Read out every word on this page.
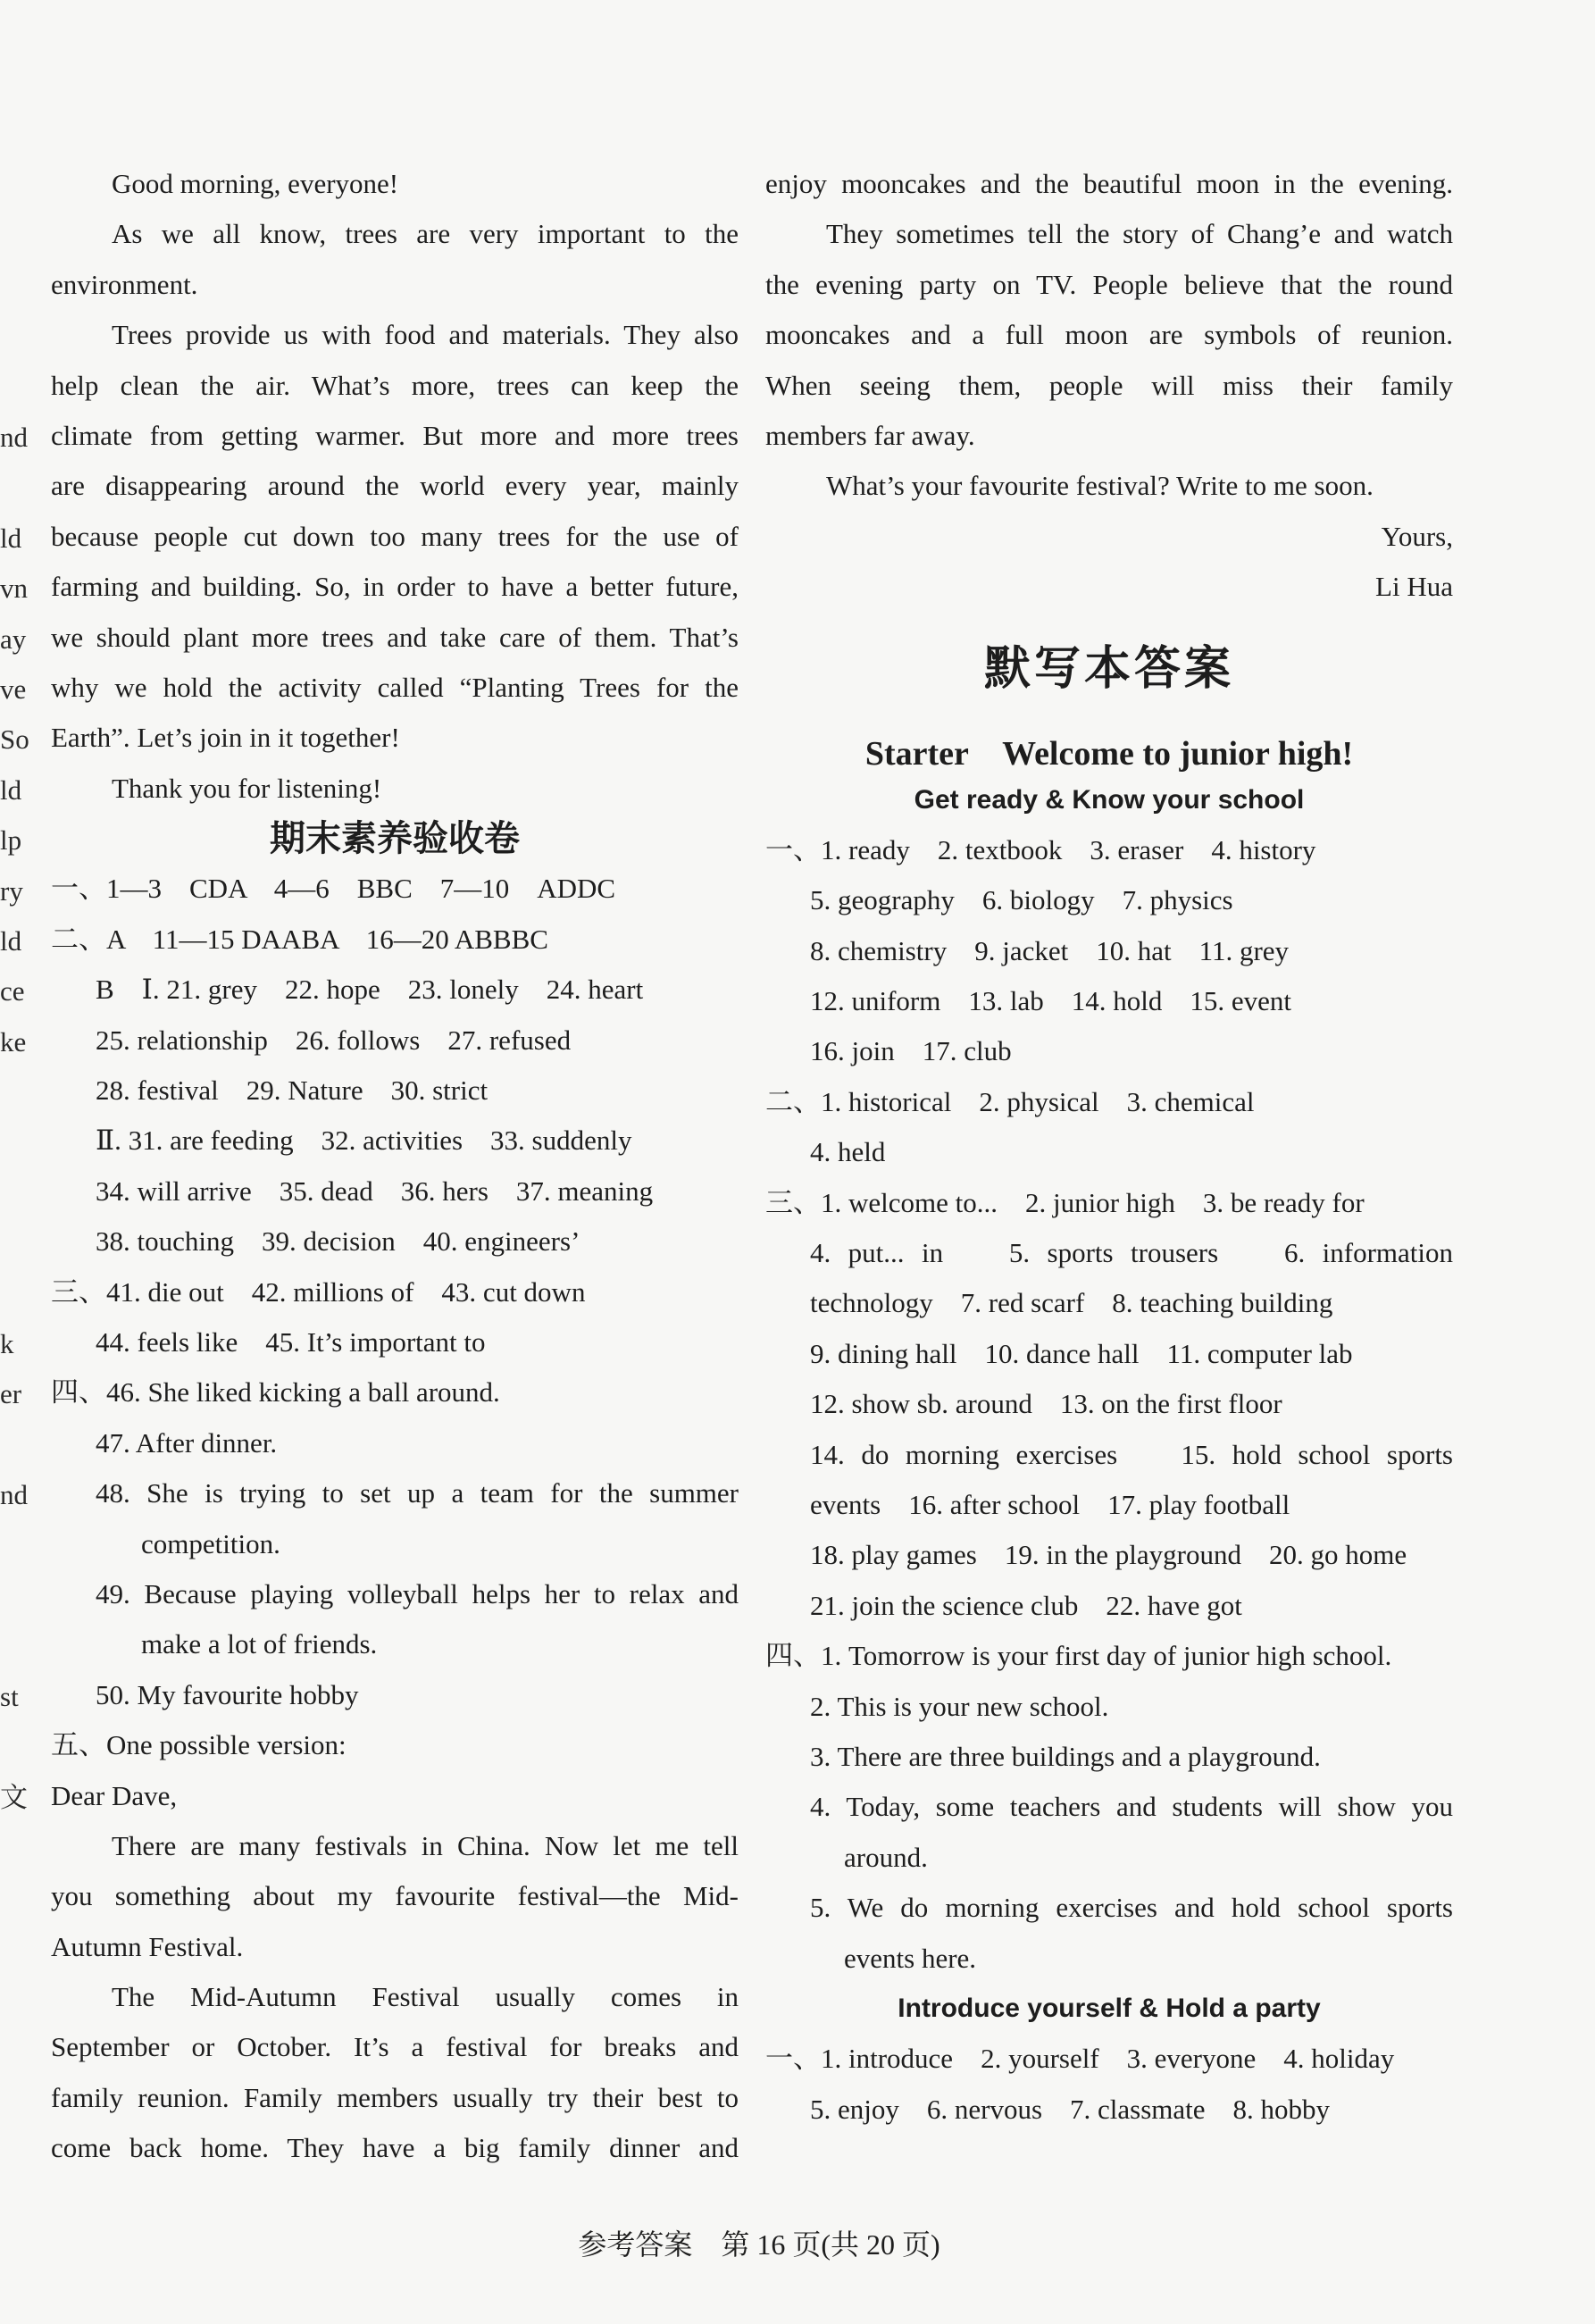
nd
ld
vn
ay
ve
So
ld
lp
ry
ld
ce
ke
k
er
nd
st
文
Good morning, everyone!
As we all know, trees are very important to the
environment.
Trees provide us with food and materials. They also
help clean the air. What’s more, trees can keep the
climate from getting warmer. But more and more trees
are disappearing around the world every year, mainly
because people cut down too many trees for the use of
farming and building. So, in order to have a better future,
we should plant more trees and take care of them. That’s
why we hold the activity called “Planting Trees for the
Earth”. Let’s join in it together!
Thank you for listening!
期末素养验收卷
一、1—3　CDA　4—6　BBC　7—10　ADDC
二、A　11—15 DAABA　16—20 ABBBC
B　Ⅰ. 21. grey　22. hope　23. lonely　24. heart
25. relationship　26. follows　27. refused
28. festival　29. Nature　30. strict
Ⅱ. 31. are feeding　32. activities　33. suddenly
34. will arrive　35. dead　36. hers　37. meaning
38. touching　39. decision　40. engineers’
三、41. die out　42. millions of　43. cut down
44. feels like　45. It’s important to
四、46. She liked kicking a ball around.
47. After dinner.
48. She is trying to set up a team for the summer
competition.
49. Because playing volleyball helps her to relax and
make a lot of friends.
50. My favourite hobby
五、One possible version:
Dear Dave,
There are many festivals in China. Now let me tell
you something about my favourite festival—the Mid-
Autumn Festival.
The Mid-Autumn Festival usually comes in
September or October. It’s a festival for breaks and
family reunion. Family members usually try their best to
come back home. They have a big family dinner and
enjoy mooncakes and the beautiful moon in the evening.
They sometimes tell the story of Chang’e and watch
the evening party on TV. People believe that the round
mooncakes and a full moon are symbols of reunion.
When seeing them, people will miss their family
members far away.
What’s your favourite festival? Write to me soon.
Yours,
Li Hua
默写本答案
Starter　Welcome to junior high!
Get ready & Know your school
一、1. ready　2. textbook　3. eraser　4. history
5. geography　6. biology　7. physics
8. chemistry　9. jacket　10. hat　11. grey
12. uniform　13. lab　14. hold　15. event
16. join　17. club
二、1. historical　2. physical　3. chemical
4. held
三、1. welcome to...　2. junior high　3. be ready for
4. put... in　 5. sports trousers　 6. information
technology　7. red scarf　8. teaching building
9. dining hall　10. dance hall　11. computer lab
12. show sb. around　13. on the first floor
14. do morning exercises　 15. hold school sports
events　16. after school　17. play football
18. play games　19. in the playground　20. go home
21. join the science club　22. have got
四、1. Tomorrow is your first day of junior high school.
2. This is your new school.
3. There are three buildings and a playground.
4. Today, some teachers and students will show you
around.
5. We do morning exercises and hold school sports
events here.
Introduce yourself & Hold a party
一、1. introduce　2. yourself　3. everyone　4. holiday
5. enjoy　6. nervous　7. classmate　8. hobby
参考答案　第 16 页(共 20 页)
